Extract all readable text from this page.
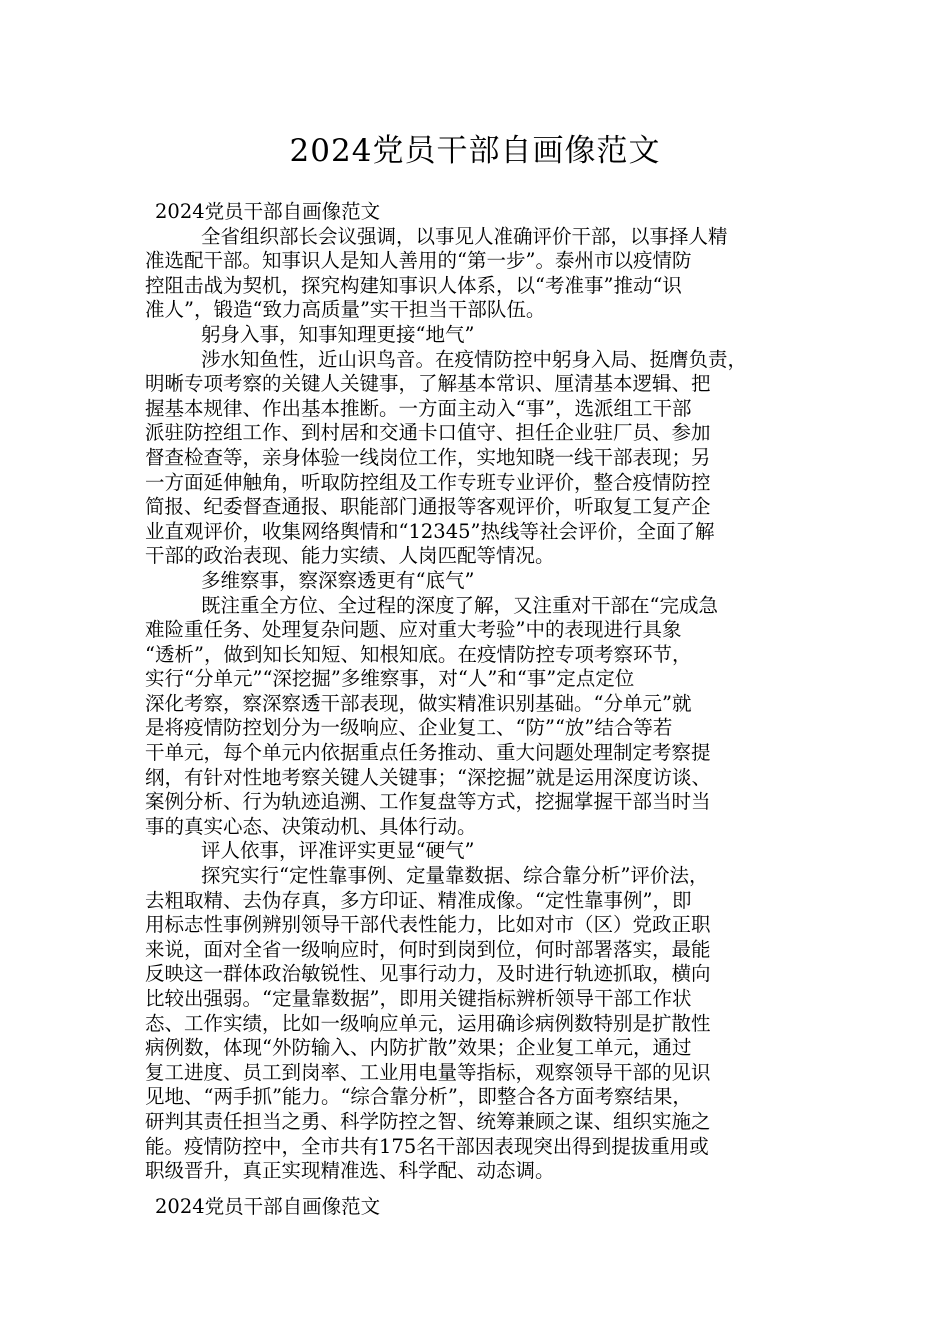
2024党员干部自画像范文

2024党员干部自画像范文

全省组织部长会议强调，以事见人准确评价干部，以事择人精

准选配干部。知事识人是知人善用的“第一步”。泰州市以疫情防

控阻击战为契机，探究构建知事识人体系，以“考准事”推动“识

准人”，锻造“致力高质量”实干担当干部队伍。

躬身入事，知事知理更接“地气”

涉水知鱼性，近山识鸟音。在疫情防控中躬身入局、挺膺负责，

明晰专项考察的关键人关键事，了解基本常识、厘清基本逻辑、把

握基本规律、作出基本推断。一方面主动入“事”，选派组工干部

派驻防控组工作、到村居和交通卡口值守、担任企业驻厂员、参加

督查检查等，亲身体验一线岗位工作，实地知晓一线干部表现；另

一方面延伸触角，听取防控组及工作专班专业评价，整合疫情防控

简报、纪委督查通报、职能部门通报等客观评价，听取复工复产企

业直观评价，收集网络舆情和“12345”热线等社会评价，全面了解

干部的政治表现、能力实绩、人岗匹配等情况。

多维察事，察深察透更有“底气”

既注重全方位、全过程的深度了解，又注重对干部在“完成急

难险重任务、处理复杂问题、应对重大考验”中的表现进行具象

“透析”，做到知长知短、知根知底。在疫情防控专项考察环节，

实行“分单元”“深挖掘”多维察事，对“人”和“事”定点定位

深化考察，察深察透干部表现，做实精准识别基础。“分单元”就

是将疫情防控划分为一级响应、企业复工、“防”“放”结合等若

干单元，每个单元内依据重点任务推动、重大问题处理制定考察提

纲，有针对性地考察关键人关键事；“深挖掘”就是运用深度访谈、

案例分析、行为轨迹追溯、工作复盘等方式，挖掘掌握干部当时当

事的真实心态、决策动机、具体行动。

评人依事，评准评实更显“硬气”

探究实行“定性靠事例、定量靠数据、综合靠分析”评价法，

去粗取精、去伪存真，多方印证、精准成像。“定性靠事例”，即

用标志性事例辨别领导干部代表性能力，比如对市（区）党政正职

来说，面对全省一级响应时，何时到岗到位，何时部署落实，最能

反映这一群体政治敏锐性、见事行动力，及时进行轨迹抓取，横向

比较出强弱。“定量靠数据”，即用关键指标辨析领导干部工作状

态、工作实绩，比如一级响应单元，运用确诊病例数特别是扩散性

病例数，体现“外防输入、内防扩散”效果；企业复工单元，通过

复工进度、员工到岗率、工业用电量等指标，观察领导干部的见识

见地、“两手抓”能力。“综合靠分析”，即整合各方面考察结果，

研判其责任担当之勇、科学防控之智、统筹兼顾之谋、组织实施之

能。疫情防控中，全市共有175名干部因表现突出得到提拔重用或

职级晋升，真正实现精准选、科学配、动态调。

2024党员干部自画像范文
